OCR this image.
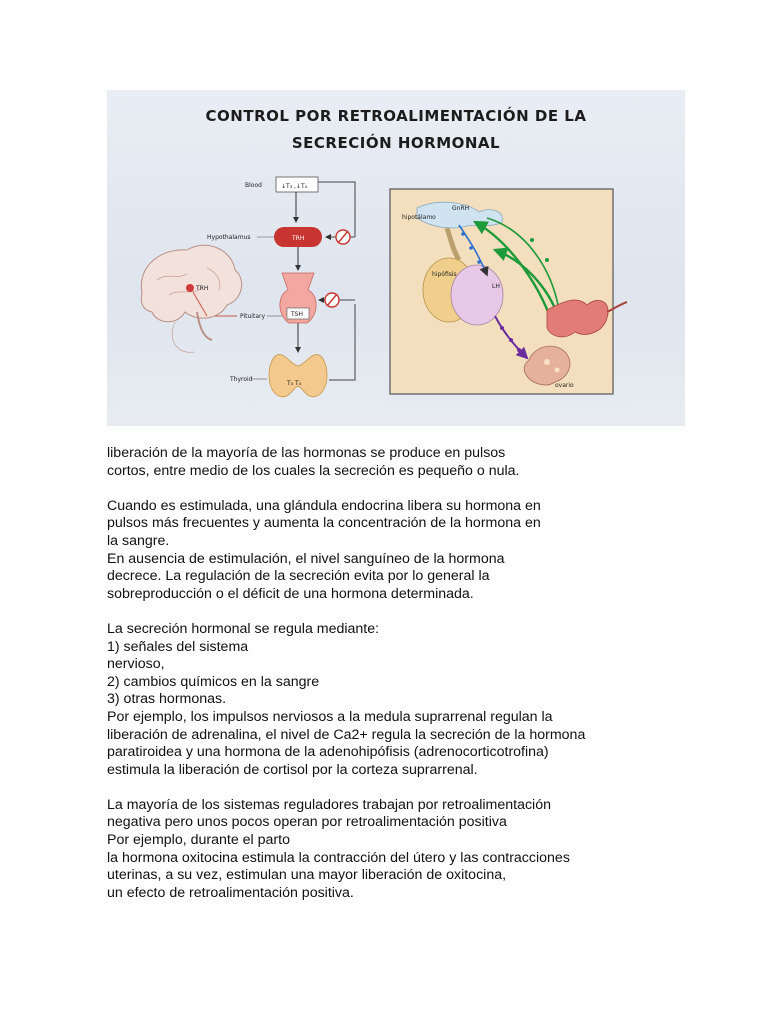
CONTROL POR RETROALIMENTACIÓN DE LA
SECRECIÓN HORMONAL
TRH
Blood	↓T₃ ,↓T₄
Hypothalamus	TRH
TSH
Pituitary
T₃ T₄
Thyroid
hipotálamo
GnRH
hipófisis
LH
ovario
liberación de la mayoría de las hormonas se produce en pulsos
cortos, entre medio de los cuales la secreción es pequeño o nula.
Cuando es estimulada, una glándula endocrina libera su hormona en
pulsos más frecuentes y aumenta la concentración de la hormona en
la sangre.
En ausencia de estimulación, el nivel sanguíneo de la hormona
decrece. La regulación de la secreción evita por lo general la
sobreproducción o el déficit de una hormona determinada.
La secreción hormonal se regula mediante:
1) señales del sistema
nervioso,
2) cambios químicos en la sangre
3) otras hormonas.
Por ejemplo, los impulsos nerviosos a la medula suprarrenal regulan la
liberación de adrenalina, el nivel de Ca2+ regula la secreción de la hormona
paratiroidea y una hormona de la adenohipófisis (adrenocorticotrofina)
estimula la liberación de cortisol por la corteza suprarrenal.
La mayoría de los sistemas reguladores trabajan por retroalimentación
negativa pero unos pocos operan por retroalimentación positiva
Por ejemplo, durante el parto
la hormona oxitocina estimula la contracción del útero y las contracciones
uterinas, a su vez, estimulan una mayor liberación de oxitocina,
un efecto de retroalimentación positiva.
